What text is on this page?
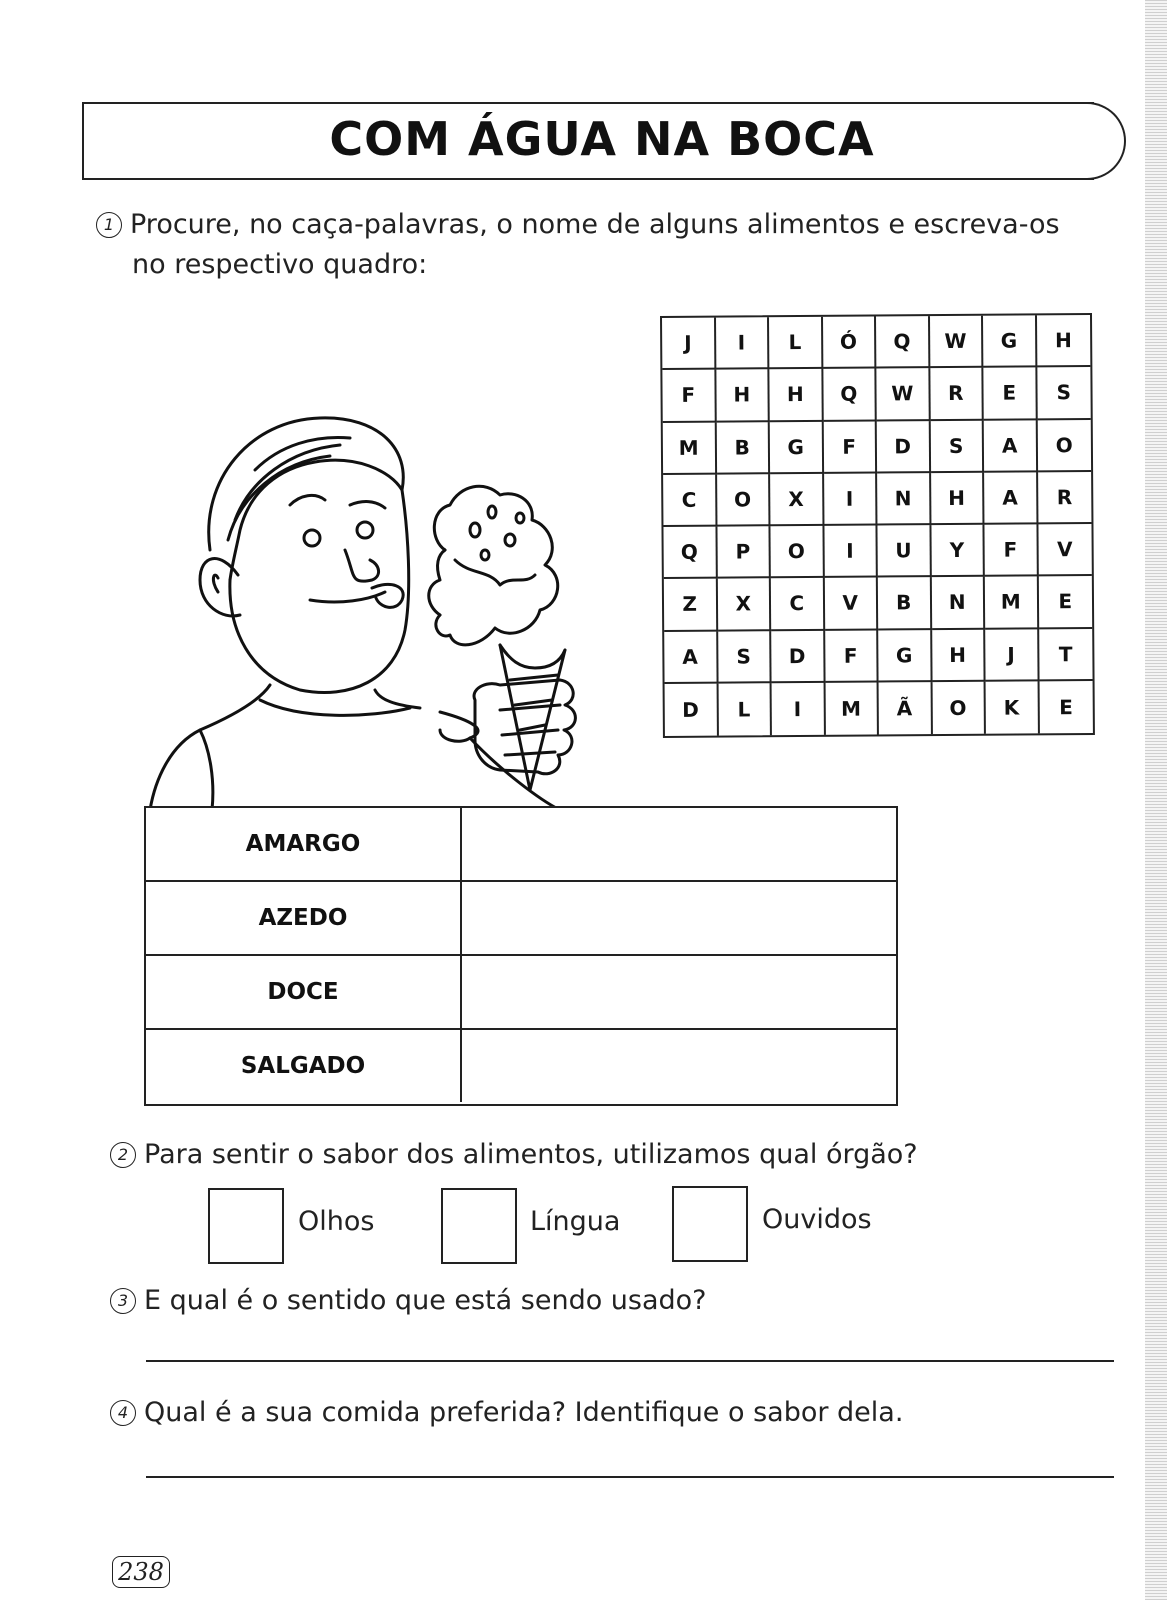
COM ÁGUA NA BOCA
1 Procure, no caça-palavras, o nome de alguns alimentos e escreva-os
no respectivo quadro:
J	I	L	Ó	Q	W	G	H
F	H	H	Q	W	R	E	S
M	B	G	F	D	S	A	O
C	O	X	I	N	H	A	R
Q	P	O	I	U	Y	F	V
Z	X	C	V	B	N	M	E
A	S	D	F	G	H	J	T
D	L	I	M	Ã	O	K	E
AMARGO
AZEDO
DOCE
SALGADO
2 Para sentir o sabor dos alimentos, utilizamos qual órgão?
Olhos	Língua	Ouvidos
3 E qual é o sentido que está sendo usado?
4 Qual é a sua comida preferida? Identifique o sabor dela.
238
